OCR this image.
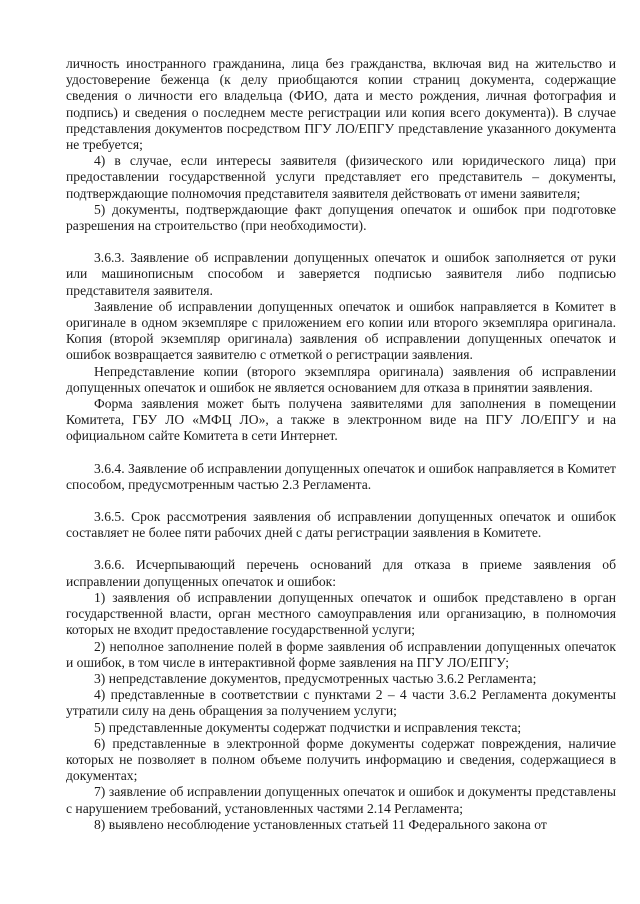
личность иностранного гражданина, лица без гражданства, включая вид на жительство и удостоверение беженца (к делу приобщаются копии страниц документа, содержащие сведения о личности его владельца (ФИО, дата и место рождения, личная фотография и подпись) и сведения о последнем месте регистрации или копия всего документа)). В случае представления документов посредством ПГУ ЛО/ЕПГУ представление указанного документа не требуется;

4) в случае, если интересы заявителя (физического или юридического лица) при предоставлении государственной услуги представляет его представитель – документы, подтверждающие полномочия представителя заявителя действовать от имени заявителя;

5) документы, подтверждающие факт допущения опечаток и ошибок при подготовке разрешения на строительство (при необходимости).

3.6.3. Заявление об исправлении допущенных опечаток и ошибок заполняется от руки или машинописным способом и заверяется подписью заявителя либо подписью представителя заявителя.

Заявление об исправлении допущенных опечаток и ошибок направляется в Комитет в оригинале в одном экземпляре с приложением его копии или второго экземпляра оригинала. Копия (второй экземпляр оригинала) заявления об исправлении допущенных опечаток и ошибок возвращается заявителю с отметкой о регистрации заявления.

Непредставление копии (второго экземпляра оригинала) заявления об исправлении допущенных опечаток и ошибок не является основанием для отказа в принятии заявления.

Форма заявления может быть получена заявителями для заполнения в помещении Комитета, ГБУ ЛО «МФЦ ЛО», а также в электронном виде на ПГУ ЛО/ЕПГУ и на официальном сайте Комитета в сети Интернет.

3.6.4. Заявление об исправлении допущенных опечаток и ошибок направляется в Комитет способом, предусмотренным частью 2.3 Регламента.

3.6.5. Срок рассмотрения заявления об исправлении допущенных опечаток и ошибок составляет не более пяти рабочих дней с даты регистрации заявления в Комитете.

3.6.6. Исчерпывающий перечень оснований для отказа в приеме заявления об исправлении допущенных опечаток и ошибок:

1) заявления об исправлении допущенных опечаток и ошибок представлено в орган государственной власти, орган местного самоуправления или организацию, в полномочия которых не входит предоставление государственной услуги;

2) неполное заполнение полей в форме заявления об исправлении допущенных опечаток и ошибок, в том числе в интерактивной форме заявления на ПГУ ЛО/ЕПГУ;

3) непредставление документов, предусмотренных частью 3.6.2 Регламента;

4) представленные в соответствии с пунктами 2 – 4 части 3.6.2 Регламента документы утратили силу на день обращения за получением услуги;

5) представленные документы содержат подчистки и исправления текста;

6) представленные в электронной форме документы содержат повреждения, наличие которых не позволяет в полном объеме получить информацию и сведения, содержащиеся в документах;

7) заявление об исправлении допущенных опечаток и ошибок и документы представлены с нарушением требований, установленных частями 2.14 Регламента;

8) выявлено несоблюдение установленных статьей 11 Федерального закона от
